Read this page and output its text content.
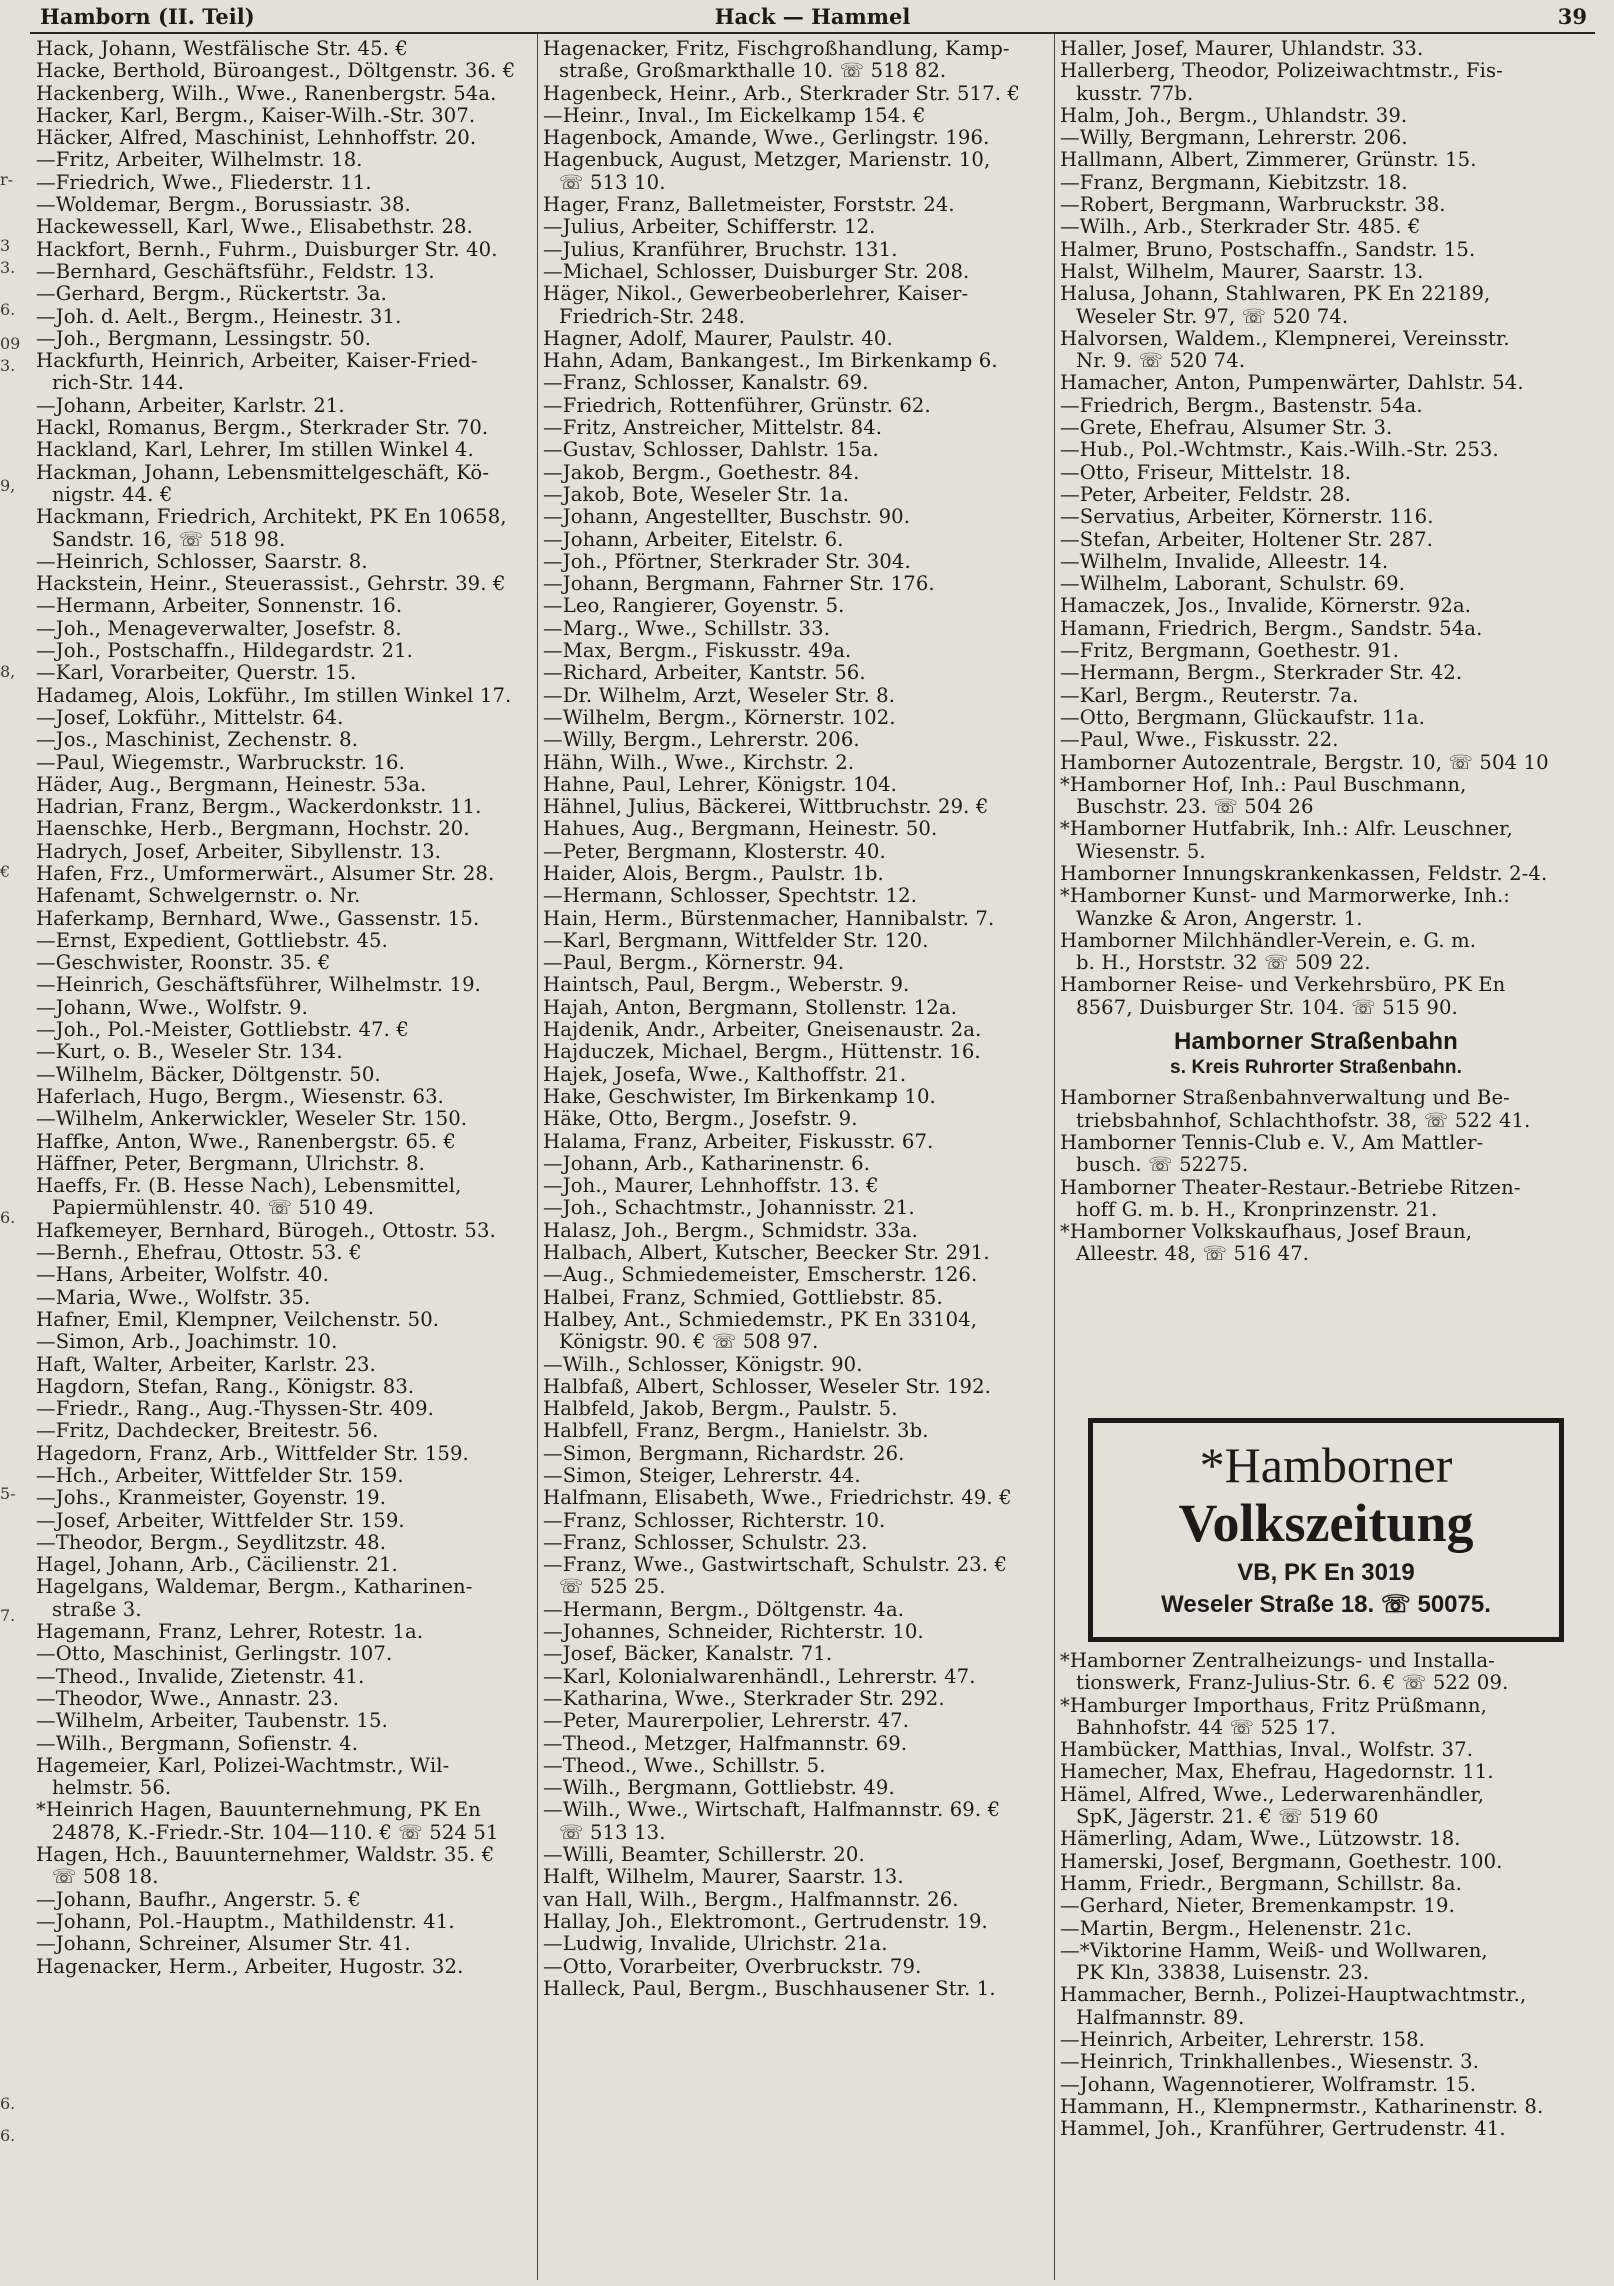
Hamborn (II. Teil)	Hack — Hammel	39
r-
3
3.
6.
09
3.
9,
8,
€
6.
5-
7.
6.
6.
Hack, Johann, Westfälische Str. 45. €
Hacke, Berthold, Büroangest., Döltgenstr. 36. €
Hackenberg, Wilh., Wwe., Ranenbergstr. 54a.
Hacker, Karl, Bergm., Kaiser-Wilh.-Str. 307.
Häcker, Alfred, Maschinist, Lehnhoffstr. 20.
—Fritz, Arbeiter, Wilhelmstr. 18.
—Friedrich, Wwe., Fliederstr. 11.
—Woldemar, Bergm., Borussiastr. 38.
Hackewessell, Karl, Wwe., Elisabethstr. 28.
Hackfort, Bernh., Fuhrm., Duisburger Str. 40.
—Bernhard, Geschäftsführ., Feldstr. 13.
—Gerhard, Bergm., Rückertstr. 3a.
—Joh. d. Aelt., Bergm., Heinestr. 31.
—Joh., Bergmann, Lessingstr. 50.
Hackfurth, Heinrich, Arbeiter, Kaiser-Fried-
rich-Str. 144.
—Johann, Arbeiter, Karlstr. 21.
Hackl, Romanus, Bergm., Sterkrader Str. 70.
Hackland, Karl, Lehrer, Im stillen Winkel 4.
Hackman, Johann, Lebensmittelgeschäft, Kö-
nigstr. 44. €
Hackmann, Friedrich, Architekt, PK En 10658,
Sandstr. 16, ☏ 518 98.
—Heinrich, Schlosser, Saarstr. 8.
Hackstein, Heinr., Steuerassist., Gehrstr. 39. €
—Hermann, Arbeiter, Sonnenstr. 16.
—Joh., Menageverwalter, Josefstr. 8.
—Joh., Postschaffn., Hildegardstr. 21.
—Karl, Vorarbeiter, Querstr. 15.
Hadameg, Alois, Lokführ., Im stillen Winkel 17.
—Josef, Lokführ., Mittelstr. 64.
—Jos., Maschinist, Zechenstr. 8.
—Paul, Wiegemstr., Warbruckstr. 16.
Häder, Aug., Bergmann, Heinestr. 53a.
Hadrian, Franz, Bergm., Wackerdonkstr. 11.
Haenschke, Herb., Bergmann, Hochstr. 20.
Hadrych, Josef, Arbeiter, Sibyllenstr. 13.
Hafen, Frz., Umformerwärt., Alsumer Str. 28.
Hafenamt, Schwelgernstr. o. Nr.
Haferkamp, Bernhard, Wwe., Gassenstr. 15.
—Ernst, Expedient, Gottliebstr. 45.
—Geschwister, Roonstr. 35. €
—Heinrich, Geschäftsführer, Wilhelmstr. 19.
—Johann, Wwe., Wolfstr. 9.
—Joh., Pol.-Meister, Gottliebstr. 47. €
—Kurt, o. B., Weseler Str. 134.
—Wilhelm, Bäcker, Döltgenstr. 50.
Haferlach, Hugo, Bergm., Wiesenstr. 63.
—Wilhelm, Ankerwickler, Weseler Str. 150.
Haffke, Anton, Wwe., Ranenbergstr. 65. €
Häffner, Peter, Bergmann, Ulrichstr. 8.
Haeffs, Fr. (B. Hesse Nach), Lebensmittel,
Papiermühlenstr. 40. ☏ 510 49.
Hafkemeyer, Bernhard, Bürogeh., Ottostr. 53.
—Bernh., Ehefrau, Ottostr. 53. €
—Hans, Arbeiter, Wolfstr. 40.
—Maria, Wwe., Wolfstr. 35.
Hafner, Emil, Klempner, Veilchenstr. 50.
—Simon, Arb., Joachimstr. 10.
Haft, Walter, Arbeiter, Karlstr. 23.
Hagdorn, Stefan, Rang., Königstr. 83.
—Friedr., Rang., Aug.-Thyssen-Str. 409.
—Fritz, Dachdecker, Breitestr. 56.
Hagedorn, Franz, Arb., Wittfelder Str. 159.
—Hch., Arbeiter, Wittfelder Str. 159.
—Johs., Kranmeister, Goyenstr. 19.
—Josef, Arbeiter, Wittfelder Str. 159.
—Theodor, Bergm., Seydlitzstr. 48.
Hagel, Johann, Arb., Cäcilienstr. 21.
Hagelgans, Waldemar, Bergm., Katharinen-
straße 3.
Hagemann, Franz, Lehrer, Rotestr. 1a.
—Otto, Maschinist, Gerlingstr. 107.
—Theod., Invalide, Zietenstr. 41.
—Theodor, Wwe., Annastr. 23.
—Wilhelm, Arbeiter, Taubenstr. 15.
—Wilh., Bergmann, Sofienstr. 4.
Hagemeier, Karl, Polizei-Wachtmstr., Wil-
helmstr. 56.
*Heinrich Hagen, Bauunternehmung, PK En
24878, K.-Friedr.-Str. 104—110. € ☏ 524 51
Hagen, Hch., Bauunternehmer, Waldstr. 35. €
☏ 508 18.
—Johann, Baufhr., Angerstr. 5. €
—Johann, Pol.-Hauptm., Mathildenstr. 41.
—Johann, Schreiner, Alsumer Str. 41.
Hagenacker, Herm., Arbeiter, Hugostr. 32.
Hagenacker, Fritz, Fischgroßhandlung, Kamp-
straße, Großmarkthalle 10. ☏ 518 82.
Hagenbeck, Heinr., Arb., Sterkrader Str. 517. €
—Heinr., Inval., Im Eickelkamp 154. €
Hagenbock, Amande, Wwe., Gerlingstr. 196.
Hagenbuck, August, Metzger, Marienstr. 10,
☏ 513 10.
Hager, Franz, Balletmeister, Forststr. 24.
—Julius, Arbeiter, Schifferstr. 12.
—Julius, Kranführer, Bruchstr. 131.
—Michael, Schlosser, Duisburger Str. 208.
Häger, Nikol., Gewerbeoberlehrer, Kaiser-
Friedrich-Str. 248.
Hagner, Adolf, Maurer, Paulstr. 40.
Hahn, Adam, Bankangest., Im Birkenkamp 6.
—Franz, Schlosser, Kanalstr. 69.
—Friedrich, Rottenführer, Grünstr. 62.
—Fritz, Anstreicher, Mittelstr. 84.
—Gustav, Schlosser, Dahlstr. 15a.
—Jakob, Bergm., Goethestr. 84.
—Jakob, Bote, Weseler Str. 1a.
—Johann, Angestellter, Buschstr. 90.
—Johann, Arbeiter, Eitelstr. 6.
—Joh., Pförtner, Sterkrader Str. 304.
—Johann, Bergmann, Fahrner Str. 176.
—Leo, Rangierer, Goyenstr. 5.
—Marg., Wwe., Schillstr. 33.
—Max, Bergm., Fiskusstr. 49a.
—Richard, Arbeiter, Kantstr. 56.
—Dr. Wilhelm, Arzt, Weseler Str. 8.
—Wilhelm, Bergm., Körnerstr. 102.
—Willy, Bergm., Lehrerstr. 206.
Hähn, Wilh., Wwe., Kirchstr. 2.
Hahne, Paul, Lehrer, Königstr. 104.
Hähnel, Julius, Bäckerei, Wittbruchstr. 29. €
Hahues, Aug., Bergmann, Heinestr. 50.
—Peter, Bergmann, Klosterstr. 40.
Haider, Alois, Bergm., Paulstr. 1b.
—Hermann, Schlosser, Spechtstr. 12.
Hain, Herm., Bürstenmacher, Hannibalstr. 7.
—Karl, Bergmann, Wittfelder Str. 120.
—Paul, Bergm., Körnerstr. 94.
Haintsch, Paul, Bergm., Weberstr. 9.
Hajah, Anton, Bergmann, Stollenstr. 12a.
Hajdenik, Andr., Arbeiter, Gneisenaustr. 2a.
Hajduczek, Michael, Bergm., Hüttenstr. 16.
Hajek, Josefa, Wwe., Kalthoffstr. 21.
Hake, Geschwister, Im Birkenkamp 10.
Häke, Otto, Bergm., Josefstr. 9.
Halama, Franz, Arbeiter, Fiskusstr. 67.
—Johann, Arb., Katharinenstr. 6.
—Joh., Maurer, Lehnhoffstr. 13. €
—Joh., Schachtmstr., Johannisstr. 21.
Halasz, Joh., Bergm., Schmidstr. 33a.
Halbach, Albert, Kutscher, Beecker Str. 291.
—Aug., Schmiedemeister, Emscherstr. 126.
Halbei, Franz, Schmied, Gottliebstr. 85.
Halbey, Ant., Schmiedemstr., PK En 33104,
Königstr. 90. € ☏ 508 97.
—Wilh., Schlosser, Königstr. 90.
Halbfaß, Albert, Schlosser, Weseler Str. 192.
Halbfeld, Jakob, Bergm., Paulstr. 5.
Halbfell, Franz, Bergm., Hanielstr. 3b.
—Simon, Bergmann, Richardstr. 26.
—Simon, Steiger, Lehrerstr. 44.
Halfmann, Elisabeth, Wwe., Friedrichstr. 49. €
—Franz, Schlosser, Richterstr. 10.
—Franz, Schlosser, Schulstr. 23.
—Franz, Wwe., Gastwirtschaft, Schulstr. 23. €
☏ 525 25.
—Hermann, Bergm., Döltgenstr. 4a.
—Johannes, Schneider, Richterstr. 10.
—Josef, Bäcker, Kanalstr. 71.
—Karl, Kolonialwarenhändl., Lehrerstr. 47.
—Katharina, Wwe., Sterkrader Str. 292.
—Peter, Maurerpolier, Lehrerstr. 47.
—Theod., Metzger, Halfmannstr. 69.
—Theod., Wwe., Schillstr. 5.
—Wilh., Bergmann, Gottliebstr. 49.
—Wilh., Wwe., Wirtschaft, Halfmannstr. 69. €
☏ 513 13.
—Willi, Beamter, Schillerstr. 20.
Halft, Wilhelm, Maurer, Saarstr. 13.
van Hall, Wilh., Bergm., Halfmannstr. 26.
Hallay, Joh., Elektromont., Gertrudenstr. 19.
—Ludwig, Invalide, Ulrichstr. 21a.
—Otto, Vorarbeiter, Overbruckstr. 79.
Halleck, Paul, Bergm., Buschhausener Str. 1.
Haller, Josef, Maurer, Uhlandstr. 33.
Hallerberg, Theodor, Polizeiwachtmstr., Fis-
kusstr. 77b.
Halm, Joh., Bergm., Uhlandstr. 39.
—Willy, Bergmann, Lehrerstr. 206.
Hallmann, Albert, Zimmerer, Grünstr. 15.
—Franz, Bergmann, Kiebitzstr. 18.
—Robert, Bergmann, Warbruckstr. 38.
—Wilh., Arb., Sterkrader Str. 485. €
Halmer, Bruno, Postschaffn., Sandstr. 15.
Halst, Wilhelm, Maurer, Saarstr. 13.
Halusa, Johann, Stahlwaren, PK En 22189,
Weseler Str. 97, ☏ 520 74.
Halvorsen, Waldem., Klempnerei, Vereinsstr.
Nr. 9. ☏ 520 74.
Hamacher, Anton, Pumpenwärter, Dahlstr. 54.
—Friedrich, Bergm., Bastenstr. 54a.
—Grete, Ehefrau, Alsumer Str. 3.
—Hub., Pol.-Wchtmstr., Kais.-Wilh.-Str. 253.
—Otto, Friseur, Mittelstr. 18.
—Peter, Arbeiter, Feldstr. 28.
—Servatius, Arbeiter, Körnerstr. 116.
—Stefan, Arbeiter, Holtener Str. 287.
—Wilhelm, Invalide, Alleestr. 14.
—Wilhelm, Laborant, Schulstr. 69.
Hamaczek, Jos., Invalide, Körnerstr. 92a.
Hamann, Friedrich, Bergm., Sandstr. 54a.
—Fritz, Bergmann, Goethestr. 91.
—Hermann, Bergm., Sterkrader Str. 42.
—Karl, Bergm., Reuterstr. 7a.
—Otto, Bergmann, Glückaufstr. 11a.
—Paul, Wwe., Fiskusstr. 22.
Hamborner Autozentrale, Bergstr. 10, ☏ 504 10
*Hamborner Hof, Inh.: Paul Buschmann,
Buschstr. 23. ☏ 504 26
*Hamborner Hutfabrik, Inh.: Alfr. Leuschner,
Wiesenstr. 5.
Hamborner Innungskrankenkassen, Feldstr. 2-4.
*Hamborner Kunst- und Marmorwerke, Inh.:
Wanzke & Aron, Angerstr. 1.
Hamborner Milchhändler-Verein, e. G. m.
b. H., Horststr. 32 ☏ 509 22.
Hamborner Reise- und Verkehrsbüro, PK En
8567, Duisburger Str. 104. ☏ 515 90.
Hamborner Straßenbahn
s. Kreis Ruhrorter Straßenbahn.
Hamborner Straßenbahnverwaltung und Be-
triebsbahnhof, Schlachthofstr. 38, ☏ 522 41.
Hamborner Tennis-Club e. V., Am Mattler-
busch. ☏ 52275.
Hamborner Theater-Restaur.-Betriebe Ritzen-
hoff G. m. b. H., Kronprinzenstr. 21.
*Hamborner Volkskaufhaus, Josef Braun,
Alleestr. 48, ☏ 516 47.
*Hamborner
Volkszeitung
VB, PK En 3019
Weseler Straße 18. ☏ 50075.
*Hamborner Zentralheizungs- und Installa-
tionswerk, Franz-Julius-Str. 6. € ☏ 522 09.
*Hamburger Importhaus, Fritz Prüßmann,
Bahnhofstr. 44 ☏ 525 17.
Hambücker, Matthias, Inval., Wolfstr. 37.
Hamecher, Max, Ehefrau, Hagedornstr. 11.
Hämel, Alfred, Wwe., Lederwarenhändler,
SpK, Jägerstr. 21. € ☏ 519 60
Hämerling, Adam, Wwe., Lützowstr. 18.
Hamerski, Josef, Bergmann, Goethestr. 100.
Hamm, Friedr., Bergmann, Schillstr. 8a.
—Gerhard, Nieter, Bremenkampstr. 19.
—Martin, Bergm., Helenenstr. 21c.
—*Viktorine Hamm, Weiß- und Wollwaren,
PK Kln, 33838, Luisenstr. 23.
Hammacher, Bernh., Polizei-Hauptwachtmstr.,
Halfmannstr. 89.
—Heinrich, Arbeiter, Lehrerstr. 158.
—Heinrich, Trinkhallenbes., Wiesenstr. 3.
—Johann, Wagennotierer, Wolframstr. 15.
Hammann, H., Klempnermstr., Katharinenstr. 8.
Hammel, Joh., Kranführer, Gertrudenstr. 41.
